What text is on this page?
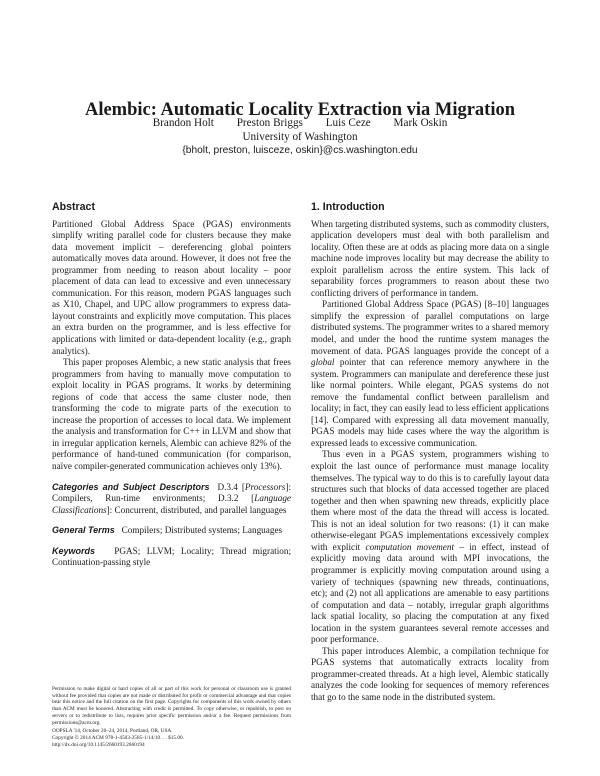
Alembic: Automatic Locality Extraction via Migration
Brandon Holt Preston Briggs Luis Ceze Mark Oskin
University of Washington
{bholt, preston, luisceze, oskin}@cs.washington.edu
Abstract

Partitioned Global Address Space (PGAS) environments simplify writing parallel code for clusters because they make data movement implicit – dereferencing global pointers automatically moves data around. However, it does not free the programmer from needing to reason about locality – poor placement of data can lead to excessive and even unnecessary communication. For this reason, modern PGAS languages such as X10, Chapel, and UPC allow programmers to express data-layout constraints and explicitly move computation. This places an extra burden on the programmer, and is less effective for applications with limited or data-dependent locality (e.g., graph analytics).

This paper proposes Alembic, a new static analysis that frees programmers from having to manually move computation to exploit locality in PGAS programs. It works by determining regions of code that access the same cluster node, then transforming the code to migrate parts of the execution to increase the proportion of accesses to local data. We implement the analysis and transformation for C++ in LLVM and show that in irregular application kernels, Alembic can achieve 82% of the performance of hand-tuned communication (for comparison, naïve compiler-generated communication achieves only 13%).

Categories and Subject Descriptors D.3.4 [Processors]: Compilers, Run-time environments; D.3.2 [Language Classifications]: Concurrent, distributed, and parallel languages

General Terms Compilers; Distributed systems; Languages

Keywords PGAS; LLVM; Locality; Thread migration; Continuation-passing style

Permission to make digital or hard copies of all or part of this work for personal or classroom use is granted without fee provided that copies are not made or distributed for profit or commercial advantage and that copies bear this notice and the full citation on the first page. Copyrights for components of this work owned by others than ACM must be honored. Abstracting with credit is permitted. To copy otherwise, or republish, to post on servers or to redistribute to lists, requires prior specific permission and/or a fee. Request permissions from permissions@acm.org.

OOPSLA '14, October 20–24, 2014, Portland, OR, USA.
Copyright © 2014 ACM 978-1-4503-2585-1/14/10. . . $15.00.
http://dx.doi.org/10.1145/2660193.2660194
1. Introduction

When targeting distributed systems, such as commodity clusters, application developers must deal with both parallelism and locality. Often these are at odds as placing more data on a single machine node improves locality but may decrease the ability to exploit parallelism across the entire system. This lack of separability forces programmers to reason about these two conflicting drivers of performance in tandem.

Partitioned Global Address Space (PGAS) [8–10] languages simplify the expression of parallel computations on large distributed systems. The programmer writes to a shared memory model, and under the hood the runtime system manages the movement of data. PGAS languages provide the concept of a global pointer that can reference memory anywhere in the system. Programmers can manipulate and dereference these just like normal pointers. While elegant, PGAS systems do not remove the fundamental conflict between parallelism and locality; in fact, they can easily lead to less efficient applications [14]. Compared with expressing all data movement manually, PGAS models may hide cases where the way the algorithm is expressed leads to excessive communication.

Thus even in a PGAS system, programmers wishing to exploit the last ounce of performance must manage locality themselves. The typical way to do this is to carefully layout data structures such that blocks of data accessed together are placed together and then when spawning new threads, explicitly place them where most of the data the thread will access is located. This is not an ideal solution for two reasons: (1) it can make otherwise-elegant PGAS implementations excessively complex with explicit computation movement – in effect, instead of explicitly moving data around with MPI invocations, the programmer is explicitly moving computation around using a variety of techniques (spawning new threads, continuations, etc); and (2) not all applications are amenable to easy partitions of computation and data – notably, irregular graph algorithms lack spatial locality, so placing the computation at any fixed location in the system guarantees several remote accesses and poor performance.

This paper introduces Alembic, a compilation technique for PGAS systems that automatically extracts locality from programmer-created threads. At a high level, Alembic statically analyzes the code looking for sequences of memory references that go to the same node in the distributed system.
